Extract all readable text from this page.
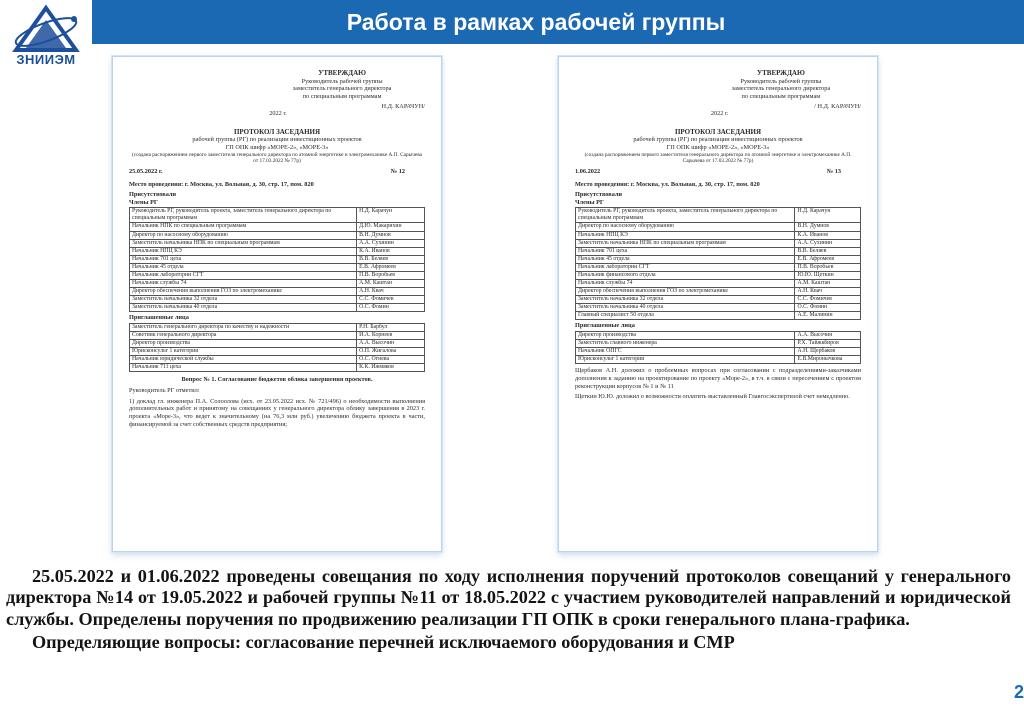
ЗНИИЭМ
Работа в рамках рабочей группы
УТВЕРЖДАЮ
Руководитель рабочей группы
заместитель генерального директора
по специальным программам
Н.Д. КАРАЧУН/
2022 г.
ПРОТОКОЛ ЗАСЕДАНИЯ
рабочей группы (РГ) по реализации инвестиционных проектов
ГП ОПК шифр «МОРЕ-2», «МОРЕ-3»
(создана распоряжением первого заместителя генерального директора по атомной энергетике и электромеханике А.П. Сарычева от 17.03.2022 № 77р)
25.05.2022 г.	№ 12
Место проведения: г. Москва, ул. Вольная, д. 30, стр. 17, пом. 820
Присутствовали
Члены РГ
Руководитель РГ, руководитель проекта, заместитель генерального директора по специальным программам	Н.Д. Карачун
Начальник НПК по специальным программам	Д.Ю. Макарихин
Директор по насосному оборудованию	В.Н. Думнов
Заместитель начальника НПК по специальным программам	А.А. Сухинин
Начальник НПЦ КЭ	К.А. Иванов
Начальник 701 цеха	В.В. Беляев
Начальник 45 отдела	Е.В. Афромеев
Начальник лаборатории СГТ	П.В. Воробьев
Начальник службы 74	А.М. Каштан
Директор обеспечения выполнения ГОЗ по электромеханике	А.Н. Квач
Заместитель начальника 32 отдела	С.С. Фомичев
Заместитель начальника 40 отдела	О.С. Фомин
Приглашенные лица
Заместитель генерального директора по качеству и надежности	Р.Н. Барбул
Советник генерального директора	И.А. Корнеев
Директор производства	А.А. Высочин
Юрисконсульт 1 категории	О.П. Жигалова
Начальник юридической службы	О.С. Огнева
Начальник 711 цеха	К.К. Ижмяков
Вопрос № 1. Согласование бюджетов облика завершения проектов.
Руководитель РГ отметил:
1) доклад гл. инженера П.А. Солоолова (исх. от 23.05.2022 исх. № 721/496) о необходимости выполнения дополнительных работ и принятому на совещаниях у генерального директора облику завершения в 2023 г. проекта «Море-3», что ведет к значительному (на 76,3 млн руб.) увеличению бюджета проекта в части, финансируемой за счет собственных средств предприятия;
УТВЕРЖДАЮ
Руководитель рабочей группы
заместитель генерального директора
по специальным программам
/ Н.Д. КАРАЧУН/
2022 г.
ПРОТОКОЛ ЗАСЕДАНИЯ
рабочей группы (РГ) по реализации инвестиционных проектов
ГП ОПК шифр «МОРЕ-2», «МОРЕ-3»
(создана распоряжением первого заместителя генерального директора по атомной энергетике и электромеханике А.П. Сарычева от 17.03.2022 № 77р)
1.06.2022	№ 13
Место проведения: г. Москва, ул. Вольная, д. 30, стр. 17, пом. 820
Присутствовали
Члены РГ
Руководитель РГ, руководитель проекта, заместитель генерального директора по специальным программам	Н.Д. Карачун
Директор по насосному оборудованию	В.Н. Думнов
Начальник НПЦ КЭ	К.А. Иванов
Заместитель начальника НПК по специальным программам	А.А. Сухинин
Начальник 701 цеха	В.В. Беляев
Начальник 45 отдела	Е.В. Афромеев
Начальник лаборатории СГТ	П.В. Воробьев
Начальник финансового отдела	Ю.Ю. Щеткин
Начальник службы 74	А.М. Каштан
Директор обеспечения выполнения ГОЗ по электромеханике	А.Н. Квач
Заместитель начальника 32 отдела	С.С. Фомичев
Заместитель начальника 40 отдела	О.С. Фомин
Главный специалист 50 отдела	А.Е. Малинин
Приглашенные лица
Директор производства	А.А. Высочин
Заместитель главного инженера	Р.Х. Тайжкбиров
Начальник ОПГС	А.Н. Щербаков
Юрисконсульт 1 категории	Е.В.Миронычкова
Щербаков А.Н. доложил о проблемных вопросах при согласовании с подразделениями-заказчиками дополнения к заданию на проектирование по проекту «Море-2», в т.ч. в связи с пересечением с проектом реконструкции корпусов № 1 и № 11
Щеткин Ю.Ю. доложил о возможности оплатить выставленный Главгосэкспертизой счет немедленно.

25.05.2022 и 01.06.2022 проведены совещания по ходу исполнения поручений протоколов совещаний у генерального директора №14 от 19.05.2022 и рабочей группы №11 от 18.05.2022 с участием руководителей направлений и юридической службы. Определены поручения по продвижению реализации ГП ОПК в сроки генерального плана-графика.

Определяющие вопросы: согласование перечней исключаемого оборудования и СМР

2
